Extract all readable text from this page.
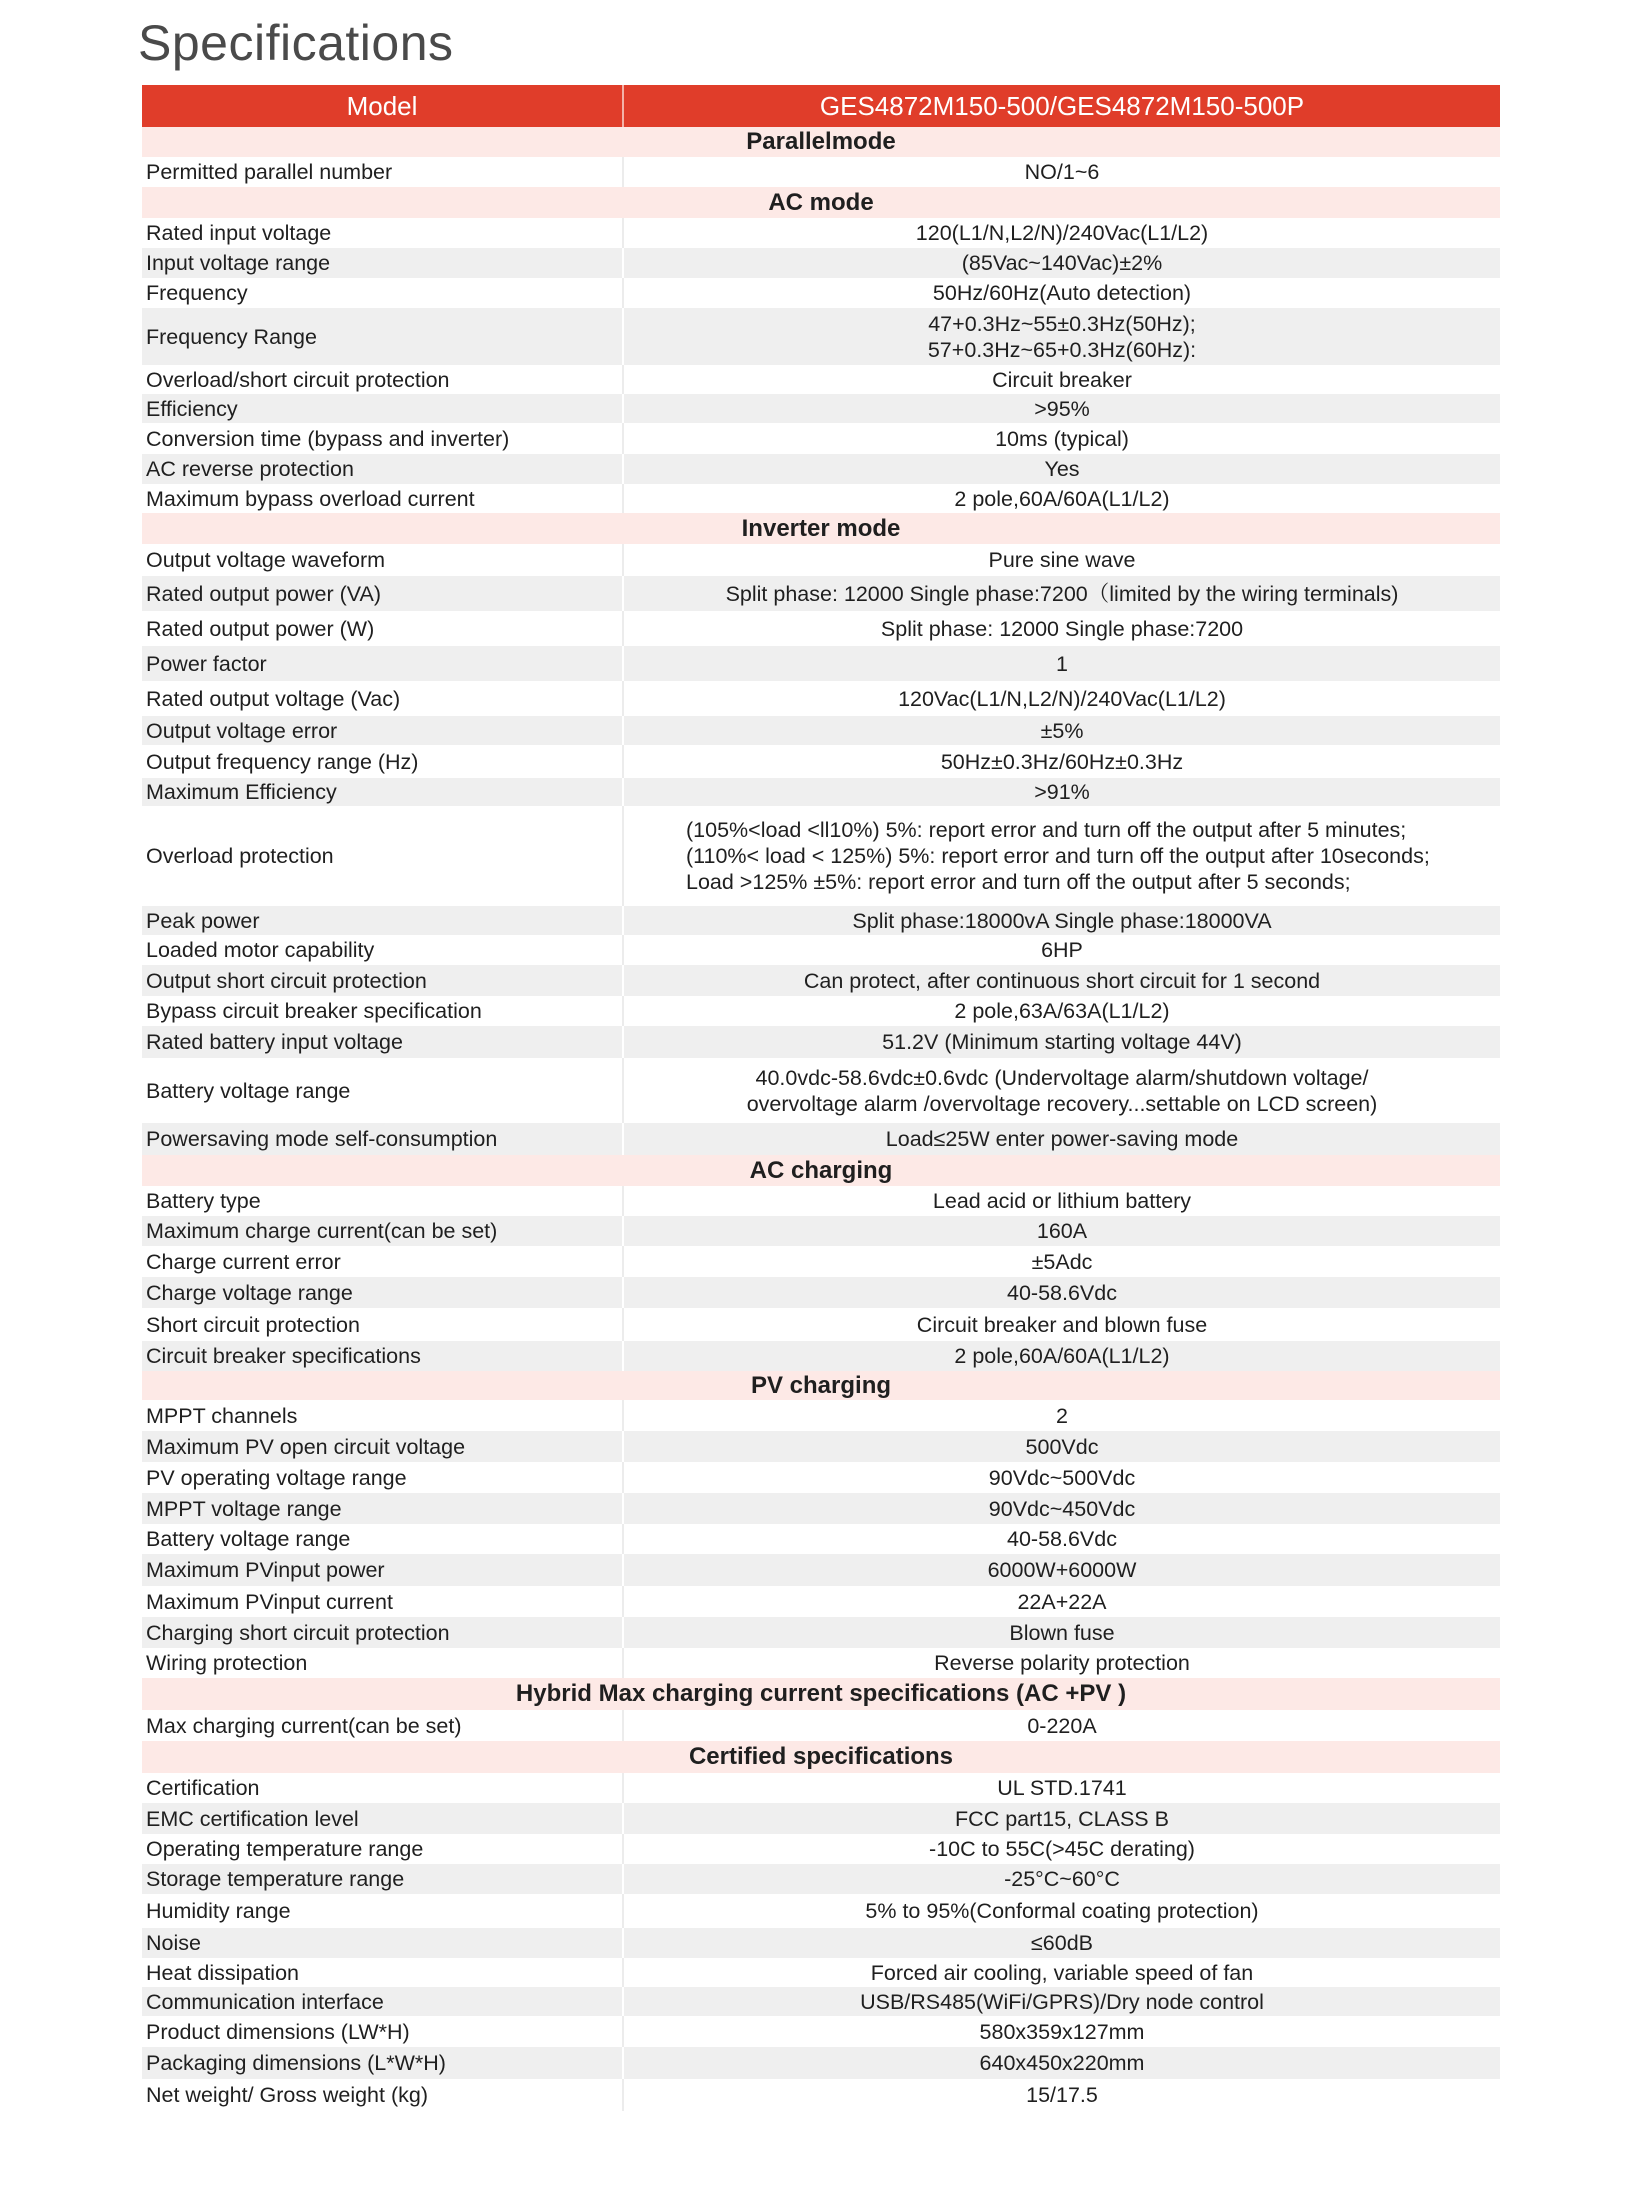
Specifications
Model	GES4872M150-500/GES4872M150-500P
Parallelmode	
Permitted parallel number	NO/1~6

AC mode	
Rated input voltage	120(L1/N,L2/N)/240Vac(L1/L2)

Input voltage range	(85Vac~140Vac)±2%

Frequency	50Hz/60Hz(Auto detection)

Frequency Range	47+0.3Hz~55±0.3Hz(50Hz);
57+0.3Hz~65+0.3Hz(60Hz):

Overload/short circuit protection	Circuit breaker

Efficiency	>95%

Conversion time (bypass and inverter)	10ms (typical)

AC reverse protection	Yes

Maximum bypass overload current	2 pole,60A/60A(L1/L2)

Inverter mode	
Output voltage waveform	Pure sine wave

Rated output power (VA)	Split phase: 12000 Single phase:7200（limited by the wiring terminals)

Rated output power (W)	Split phase: 12000 Single phase:7200

Power factor	1

Rated output voltage (Vac)	120Vac(L1/N,L2/N)/240Vac(L1/L2)

Output voltage error	±5%

Output frequency range (Hz)	50Hz±0.3Hz/60Hz±0.3Hz

Maximum Efficiency	>91%

Overload protection	(105%<load <ll10%) 5%: report error and turn off the output after 5 minutes;
(110%< load < 125%) 5%: report error and turn off the output after 10seconds;
Load >125% ±5%: report error and turn off the output after 5 seconds;

Peak power	Split phase:18000vA Single phase:18000VA

Loaded motor capability	6HP

Output short circuit protection	Can protect, after continuous short circuit for 1 second

Bypass circuit breaker specification	2 pole,63A/63A(L1/L2)

Rated battery input voltage	51.2V (Minimum starting voltage 44V)

Battery voltage range	40.0vdc-58.6vdc±0.6vdc (Undervoltage alarm/shutdown voltage/
overvoltage alarm /overvoltage recovery...settable on LCD screen)

Powersaving mode self-consumption	Load≤25W enter power-saving mode

AC charging	
Battery type	Lead acid or lithium battery

Maximum charge current(can be set)	160A

Charge current error	±5Adc

Charge voltage range	40-58.6Vdc

Short circuit protection	Circuit breaker and blown fuse

Circuit breaker specifications	2 pole,60A/60A(L1/L2)

PV charging	
MPPT channels	2

Maximum PV open circuit voltage	500Vdc

PV operating voltage range	90Vdc~500Vdc

MPPT voltage range	90Vdc~450Vdc

Battery voltage range	40-58.6Vdc

Maximum PVinput power	6000W+6000W

Maximum PVinput current	22A+22A

Charging short circuit protection	Blown fuse

Wiring protection	Reverse polarity protection

Hybrid Max charging current specifications (AC +PV )	
Max charging current(can be set)	0-220A

Certified specifications	
Certification	UL STD.1741

EMC certification level	FCC part15, CLASS B

Operating temperature range	-10C to 55C(>45C derating)

Storage temperature range	-25°C~60°C

Humidity range	5% to 95%(Conformal coating protection)

Noise	≤60dB

Heat dissipation	Forced air cooling, variable speed of fan

Communication interface	USB/RS485(WiFi/GPRS)/Dry node control

Product dimensions (LW*H)	580x359x127mm

Packaging dimensions (L*W*H)	640x450x220mm

Net weight/ Gross weight (kg)	15/17.5
